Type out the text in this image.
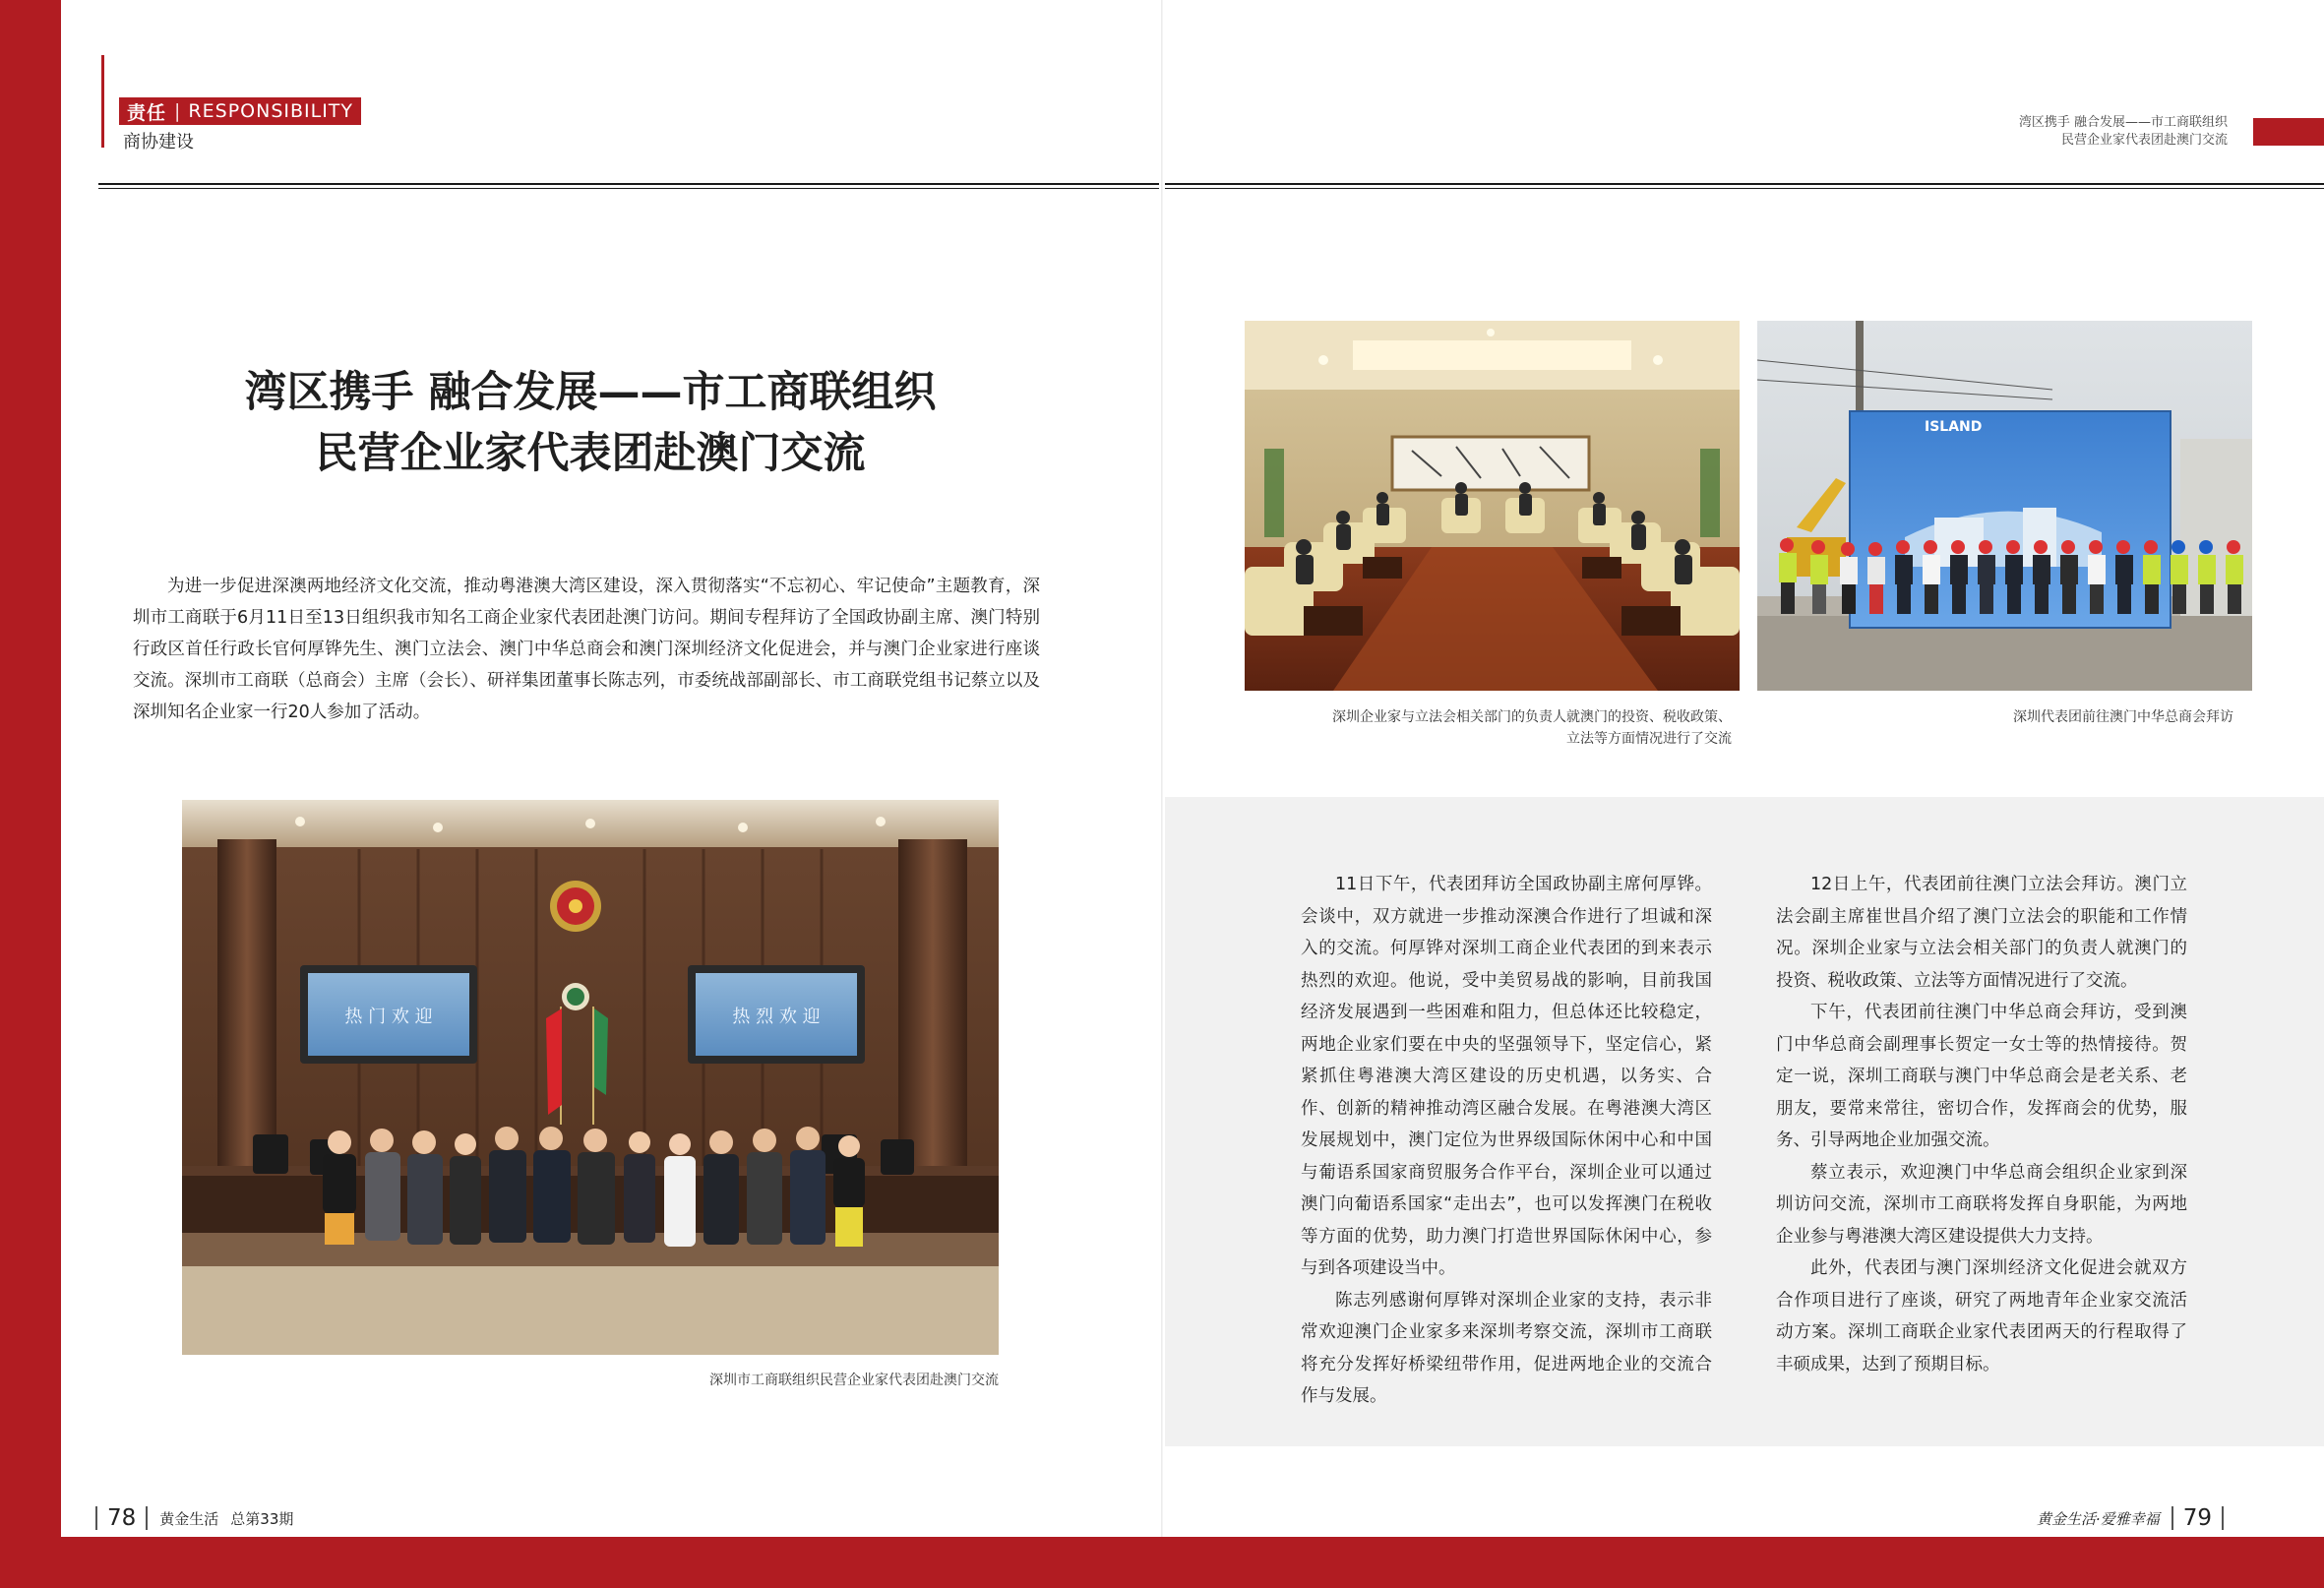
责任 | RESPONSIBILITY
商协建设
湾区携手 融合发展——市工商联组织
民营企业家代表团赴澳门交流
湾区携手 融合发展——市工商联组织
民营企业家代表团赴澳门交流
为进一步促进深澳两地经济文化交流，推动粤港澳大湾区建设，深入贯彻落实“不忘初心、牢记使命”主题教育，深圳市工商联于6月11日至13日组织我市知名工商企业家代表团赴澳门访问。期间专程拜访了全国政协副主席、澳门特别行政区首任行政长官何厚铧先生、澳门立法会、澳门中华总商会和澳门深圳经济文化促进会，并与澳门企业家进行座谈交流。深圳市工商联（总商会）主席（会长）、研祥集团董事长陈志列，市委统战部副部长、市工商联党组书记蔡立以及深圳知名企业家一行20人参加了活动。
热 门 欢 迎	热 烈 欢 迎
深圳市工商联组织民营企业家代表团赴澳门交流
深圳企业家与立法会相关部门的负责人就澳门的投资、税收政策、
立法等方面情况进行了交流
ISLAND
深圳代表团前往澳门中华总商会拜访

11日下午，代表团拜访全国政协副主席何厚铧。会谈中，双方就进一步推动深澳合作进行了坦诚和深入的交流。何厚铧对深圳工商企业代表团的到来表示热烈的欢迎。他说，受中美贸易战的影响，目前我国经济发展遇到一些困难和阻力，但总体还比较稳定，两地企业家们要在中央的坚强领导下，坚定信心，紧紧抓住粤港澳大湾区建设的历史机遇，以务实、合作、创新的精神推动湾区融合发展。在粤港澳大湾区发展规划中，澳门定位为世界级国际休闲中心和中国与葡语系国家商贸服务合作平台，深圳企业可以通过澳门向葡语系国家“走出去”，也可以发挥澳门在税收等方面的优势，助力澳门打造世界国际休闲中心，参与到各项建设当中。

陈志列感谢何厚铧对深圳企业家的支持，表示非常欢迎澳门企业家多来深圳考察交流，深圳市工商联将充分发挥好桥梁纽带作用，促进两地企业的交流合作与发展。

12日上午，代表团前往澳门立法会拜访。澳门立法会副主席崔世昌介绍了澳门立法会的职能和工作情况。深圳企业家与立法会相关部门的负责人就澳门的投资、税收政策、立法等方面情况进行了交流。

下午，代表团前往澳门中华总商会拜访，受到澳门中华总商会副理事长贺定一女士等的热情接待。贺定一说，深圳工商联与澳门中华总商会是老关系、老朋友，要常来常往，密切合作，发挥商会的优势，服务、引导两地企业加强交流。

蔡立表示，欢迎澳门中华总商会组织企业家到深圳访问交流，深圳市工商联将发挥自身职能，为两地企业参与粤港澳大湾区建设提供大力支持。

此外，代表团与澳门深圳经济文化促进会就双方合作项目进行了座谈，研究了两地青年企业家交流活动方案。深圳工商联企业家代表团两天的行程取得了丰硕成果，达到了预期目标。

78 黄金生活 总第33期	黄金生活·爱雅幸福 79
